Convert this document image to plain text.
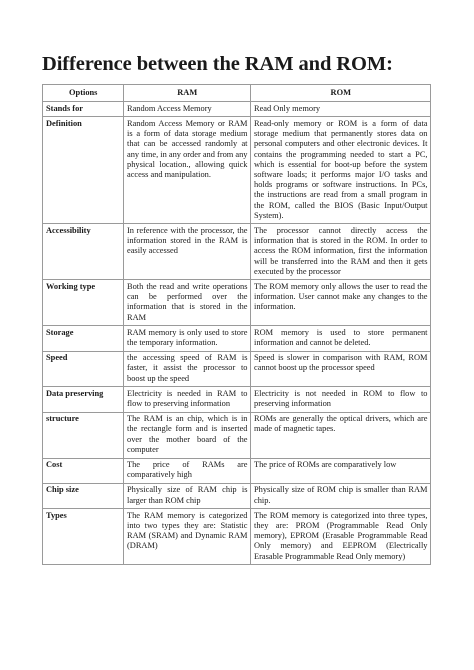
Difference between the RAM and ROM:
Options	RAM	ROM
Stands for	Random Access Memory	Read Only memory
Definition	Random Access Memory or RAM is a form of data storage medium that can be accessed randomly at any time, in any order and from any physical location., allowing quick access and manipulation.	Read-only memory or ROM is a form of data storage medium that permanently stores data on personal computers and other electronic devices. It contains the programming needed to start a PC, which is essential for boot-up before the system software loads; it performs major I/O tasks and holds programs or software instructions. In PCs, the instructions are read from a small program in the ROM, called the BIOS (Basic Input/Output System).
Accessibility	In reference with the processor, the information stored in the RAM is easily accessed	The processor cannot directly access the information that is stored in the ROM. In order to access the ROM information, first the information will be transferred into the RAM and then it gets executed by the processor
Working type	Both the read and write operations can be performed over the information that is stored in the RAM	The ROM memory only allows the user to read the information. User cannot make any changes to the information.
Storage	RAM memory is only used to store the temporary information.	ROM memory is used to store permanent information and cannot be deleted.
Speed	the accessing speed of RAM is faster, it assist the processor to boost up the speed	Speed is slower in comparison with RAM, ROM cannot boost up the processor speed
Data preserving	Electricity is needed in RAM to flow to preserving information	Electricity is not needed in ROM to flow to preserving information
structure	The RAM is an chip, which is in the rectangle form and is inserted over the mother board of the computer	ROMs are generally the optical drivers, which are made of magnetic tapes.
Cost	The price of RAMs are comparatively high	The price of ROMs are comparatively low
Chip size	Physically size of RAM chip is larger than ROM chip	Physically size of ROM chip is smaller than RAM chip.
Types	The RAM memory is categorized into two types they are: Statistic RAM (SRAM) and Dynamic RAM (DRAM)	The ROM memory is categorized into three types, they are: PROM (Programmable Read Only memory), EPROM (Erasable Programmable Read Only memory) and EEPROM (Electrically Erasable Programmable Read Only memory)
